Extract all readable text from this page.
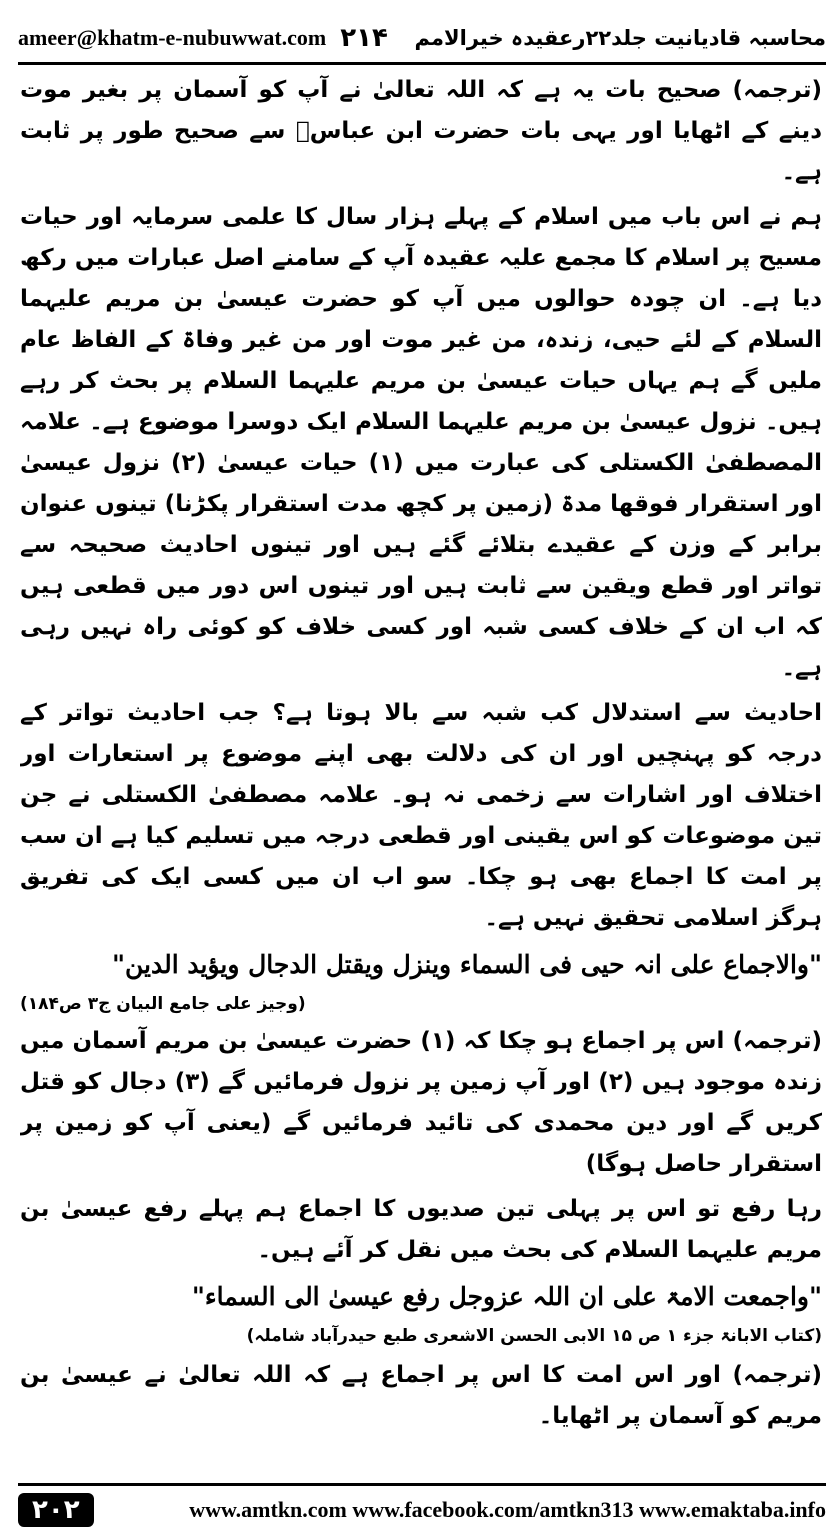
ameer@khatm-e-nubuwwat.com ۲۱۴ محاسبہ قادیانیت جلد۲۲رعقیدہ خیرالامم

(ترجمہ) صحیح بات یہ ہے کہ اللہ تعالیٰ نے آپ کو آسمان پر بغیر موت دینے کے اٹھایا اور یہی بات حضرت ابن عباسؓ سے صحیح طور پر ثابت ہے۔

ہم نے اس باب میں اسلام کے پہلے ہزار سال کا علمی سرمایہ اور حیات مسیح پر اسلام کا مجمع علیہ عقیدہ آپ کے سامنے اصل عبارات میں رکھ دیا ہے۔ ان چودہ حوالوں میں آپ کو حضرت عیسیٰ بن مریم علیہما السلام کے لئے حیی، زندہ، من غیر موت اور من غیر وفاۃ کے الفاظ عام ملیں گے ہم یہاں حیات عیسیٰ بن مریم علیہما السلام پر بحث کر رہے ہیں۔ نزول عیسیٰ بن مریم علیہما السلام ایک دوسرا موضوع ہے۔ علامہ المصطفیٰ الکستلی کی عبارت میں (۱) حیات عیسیٰ (۲) نزول عیسیٰ اور استقرار فوقھا مدۃ (زمین پر کچھ مدت استقرار پکڑنا) تینوں عنوان برابر کے وزن کے عقیدے بتلائے گئے ہیں اور تینوں احادیث صحیحہ سے تواتر اور قطع ویقین سے ثابت ہیں اور تینوں اس دور میں قطعی ہیں کہ اب ان کے خلاف کسی شبہ اور کسی خلاف کو کوئی راہ نہیں رہی ہے۔

احادیث سے استدلال کب شبہ سے بالا ہوتا ہے؟ جب احادیث تواتر کے درجہ کو پہنچیں اور ان کی دلالت بھی اپنے موضوع پر استعارات اور اختلاف اور اشارات سے زخمی نہ ہو۔ علامہ مصطفیٰ الکستلی نے جن تین موضوعات کو اس یقینی اور قطعی درجہ میں تسلیم کیا ہے ان سب پر امت کا اجماع بھی ہو چکا۔ سو اب ان میں کسی ایک کی تفریق ہرگز اسلامی تحقیق نہیں ہے۔

"والاجماع علی انہ حیی فی السماء وینزل ویقتل الدجال ویؤید الدین"

(وجیز علی جامع البیان ج۳ ص۱۸۴)

(ترجمہ) اس پر اجماع ہو چکا کہ (۱) حضرت عیسیٰ بن مریم آسمان میں زندہ موجود ہیں (۲) اور آپ زمین پر نزول فرمائیں گے (۳) دجال کو قتل کریں گے اور دین محمدی کی تائید فرمائیں گے (یعنی آپ کو زمین پر استقرار حاصل ہوگا)

رہا رفع تو اس پر پہلی تین صدیوں کا اجماع ہم پہلے رفع عیسیٰ بن مریم علیہما السلام کی بحث میں نقل کر آئے ہیں۔

"واجمعت الامۃ علی ان اللہ عزوجل رفع عیسیٰ الی السماء"

(کتاب الابانۃ جزء ۱ ص ۱۵ الابی الحسن الاشعری طبع حیدرآباد شاملہ)

(ترجمہ) اور اس امت کا اس پر اجماع ہے کہ اللہ تعالیٰ نے عیسیٰ بن مریم کو آسمان پر اٹھایا۔

۲۰۲	www.amtkn.com www.facebook.com/amtkn313 www.emaktaba.info
